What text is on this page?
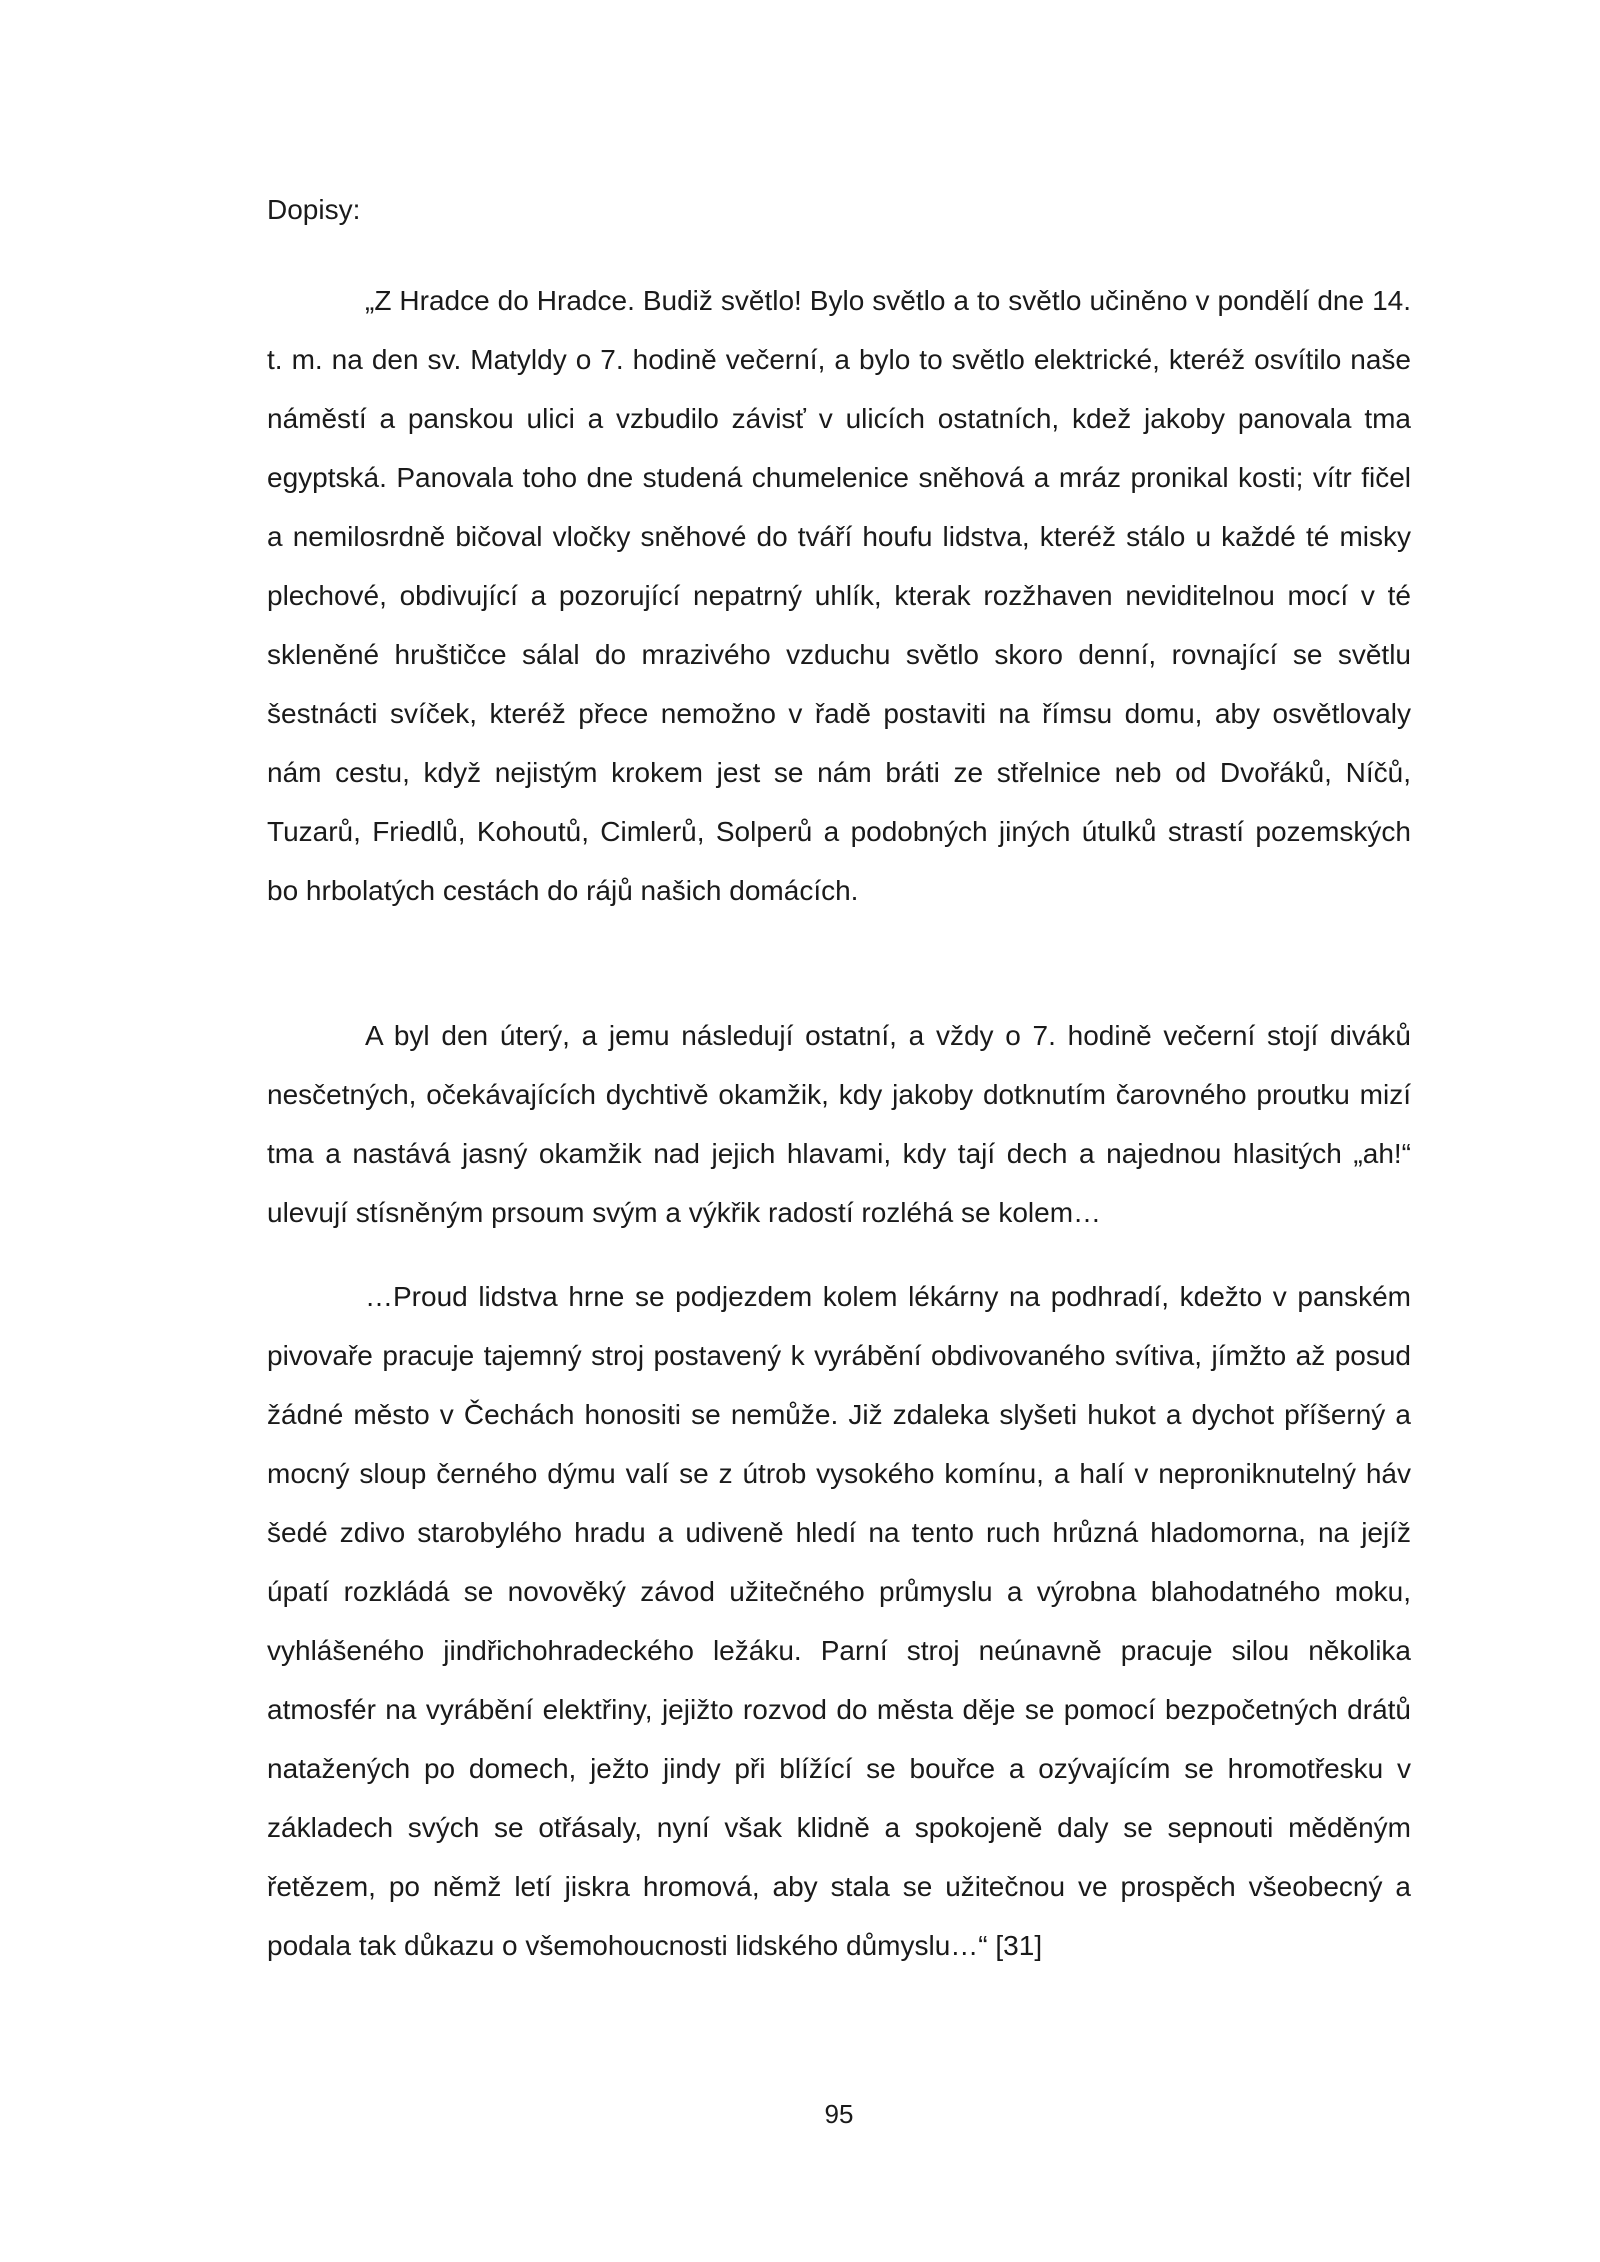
Dopisy:

„Z Hradce do Hradce. Budiž světlo! Bylo světlo a to světlo učiněno v pondělí dne 14. t. m. na den sv. Matyldy o 7. hodině večerní, a bylo to světlo elektrické, kteréž osvítilo naše náměstí a panskou ulici a vzbudilo závisť v ulicích ostatních, kdež jakoby panovala tma egyptská. Panovala toho dne studená chumelenice sněhová a mráz pronikal kosti; vítr fičel a nemilosrdně bičoval vločky sněhové do tváří houfu lidstva, kteréž stálo u každé té misky plechové, obdivující a pozorující nepatrný uhlík, kterak rozžhaven neviditelnou mocí v té skleněné hruštičce sálal do mrazivého vzduchu světlo skoro denní, rovnající se světlu šestnácti svíček, kteréž přece nemožno v řadě postaviti na římsu domu, aby osvětlovaly nám cestu, když nejistým krokem jest se nám bráti ze střelnice neb od Dvořáků, Níčů, Tuzarů, Friedlů, Kohoutů, Cimlerů, Solperů a podobných jiných útulků strastí pozemských bo hrbolatých cestách do rájů našich domácích.

A byl den úterý, a jemu následují ostatní, a vždy o 7. hodině večerní stojí diváků nesčetných, očekávajících dychtivě okamžik, kdy jakoby dotknutím čarovného proutku mizí tma a nastává jasný okamžik nad jejich hlavami, kdy tají dech a najednou hlasitých „ah!“ ulevují stísněným prsoum svým a výkřik radostí rozléhá se kolem…

…Proud lidstva hrne se podjezdem kolem lékárny na podhradí, kdežto v panském pivovaře pracuje tajemný stroj postavený k vyrábění obdivovaného svítiva, jímžto až posud žádné město v Čechách honositi se nemůže. Již zdaleka slyšeti hukot a dychot příšerný a mocný sloup černého dýmu valí se z útrob vysokého komínu, a halí v neproniknutelný háv šedé zdivo starobylého hradu a udiveně hledí na tento ruch hrůzná hladomorna, na jejíž úpatí rozkládá se novověký závod užitečného průmyslu a výrobna blahodatného moku, vyhlášeného jindřichohradeckého ležáku. Parní stroj neúnavně pracuje silou několika atmosfér na vyrábění elektřiny, jejižto rozvod do města děje se pomocí bezpočetných drátů natažených po domech, ježto jindy při blížící se bouřce a ozývajícím se hromotřesku v základech svých se otřásaly, nyní však klidně a spokojeně daly se sepnouti měděným řetězem, po němž letí jiskra hromová, aby stala se užitečnou ve prospěch všeobecný a podala tak důkazu o všemohoucnosti lidského důmyslu…“ [31]

95
